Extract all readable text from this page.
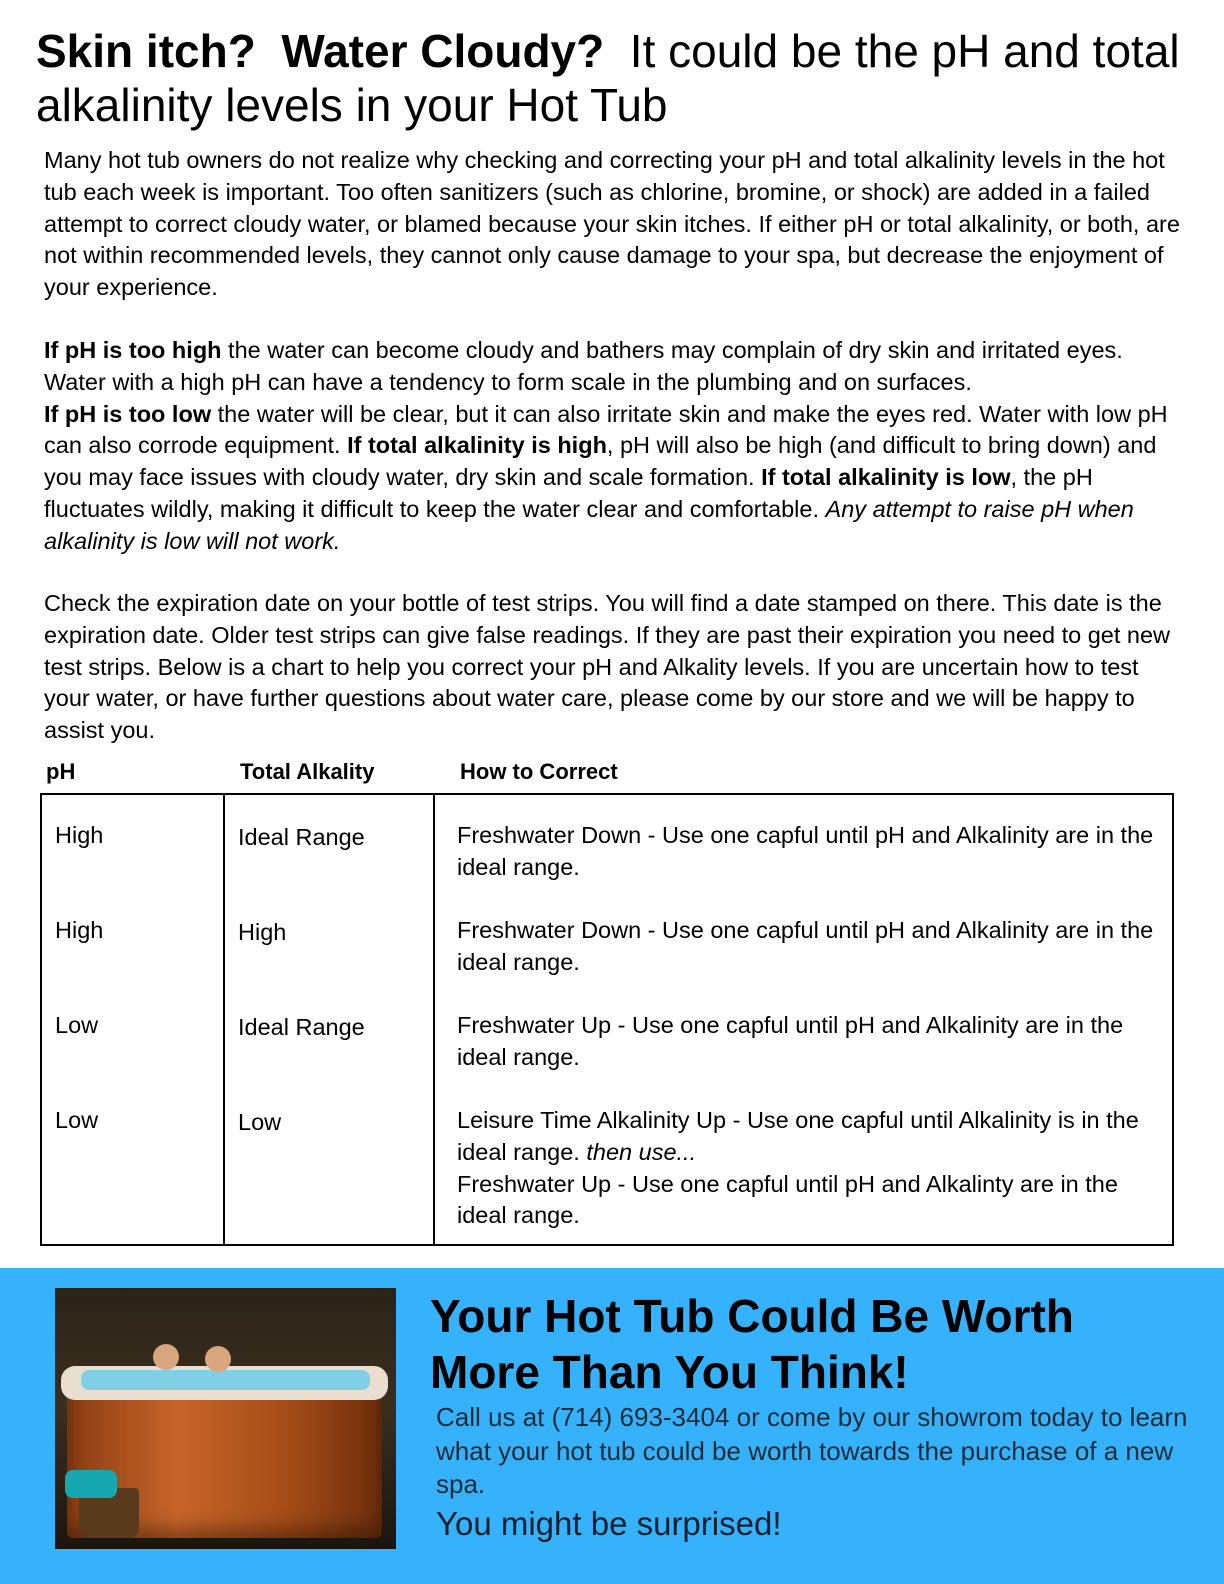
Skin itch? Water Cloudy? It could be the pH and total alkalinity levels in your Hot Tub

Many hot tub owners do not realize why checking and correcting your pH and total alkalinity levels in the hot tub each week is important. Too often sanitizers (such as chlorine, bromine, or shock) are added in a failed attempt to correct cloudy water, or blamed because your skin itches. If either pH or total alkalinity, or both, are not within recommended levels, they cannot only cause damage to your spa, but decrease the enjoyment of your experience.

If pH is too high the water can become cloudy and bathers may complain of dry skin and irritated eyes. Water with a high pH can have a tendency to form scale in the plumbing and on surfaces.
If pH is too low the water will be clear, but it can also irritate skin and make the eyes red. Water with low pH can also corrode equipment. If total alkalinity is high, pH will also be high (and difficult to bring down) and you may face issues with cloudy water, dry skin and scale formation. If total alkalinity is low, the pH fluctuates wildly, making it difficult to keep the water clear and comfortable. Any attempt to raise pH when alkalinity is low will not work.

Check the expiration date on your bottle of test strips. You will find a date stamped on there. This date is the expiration date. Older test strips can give false readings. If they are past their expiration you need to get new test strips. Below is a chart to help you correct your pH and Alkality levels. If you are uncertain how to test your water, or have further questions about water care, please come by our store and we will be happy to assist you.

pH	Total Alkality	How to Correct
High	Ideal Range	Freshwater Down - Use one capful until pH and Alkalinity are in the ideal range.
High	High	Freshwater Down - Use one capful until pH and Alkalinity are in the ideal range.
Low	Ideal Range	Freshwater Up - Use one capful until pH and Alkalinity are in the ideal range.
Low	Low	Leisure Time Alkalinity Up - Use one capful until Alkalinity is in the ideal range. then use...
Freshwater Up - Use one capful until pH and Alkalinty are in the ideal range.
Your Hot Tub Could Be Worth More Than You Think!

Call us at (714) 693-3404 or come by our showrom today to learn what your hot tub could be worth towards the purchase of a new spa.

You might be surprised!
